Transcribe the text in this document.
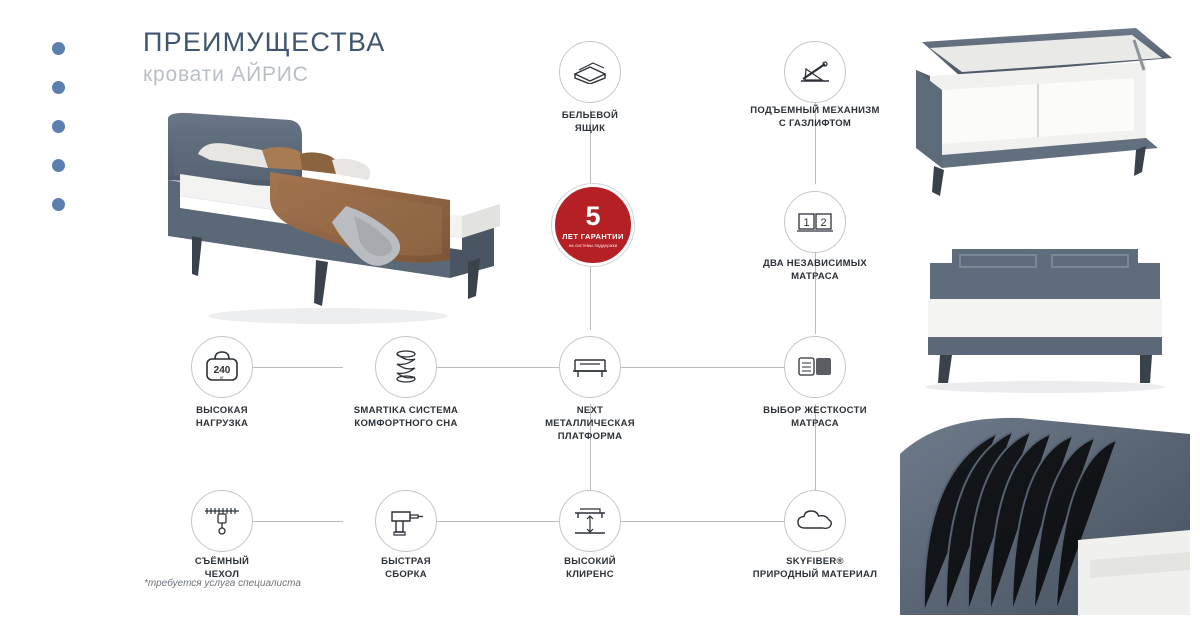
ПРЕИМУЩЕСТВА
кровати АЙРИС
БЕЛЬЕВОЙ
ЯЩИК
ПОДЪЕМНЫЙ МЕХАНИЗМ
С ГАЗЛИФТОМ
5
ЛЕТ ГАРАНТИИ
на системы поддержки
1 2
ДВА НЕЗАВИСИМЫХ
МАТРАСА
240
кг
ВЫСОКАЯ
НАГРУЗКА
SMARTIKA СИСТЕМА
КОМФОРТНОГО СНА
NEXT
МЕТАЛЛИЧЕСКАЯ
ПЛАТФОРМА
ВЫБОР ЖЕСТКОСТИ
МАТРАСА
СЪЁМНЫЙ
ЧЕХОЛ
БЫСТРАЯ
СБОРКА
ВЫСОКИЙ
КЛИРЕНС
SKYFIBER®
ПРИРОДНЫЙ МАТЕРИАЛ
*требуется услуга специалиста
